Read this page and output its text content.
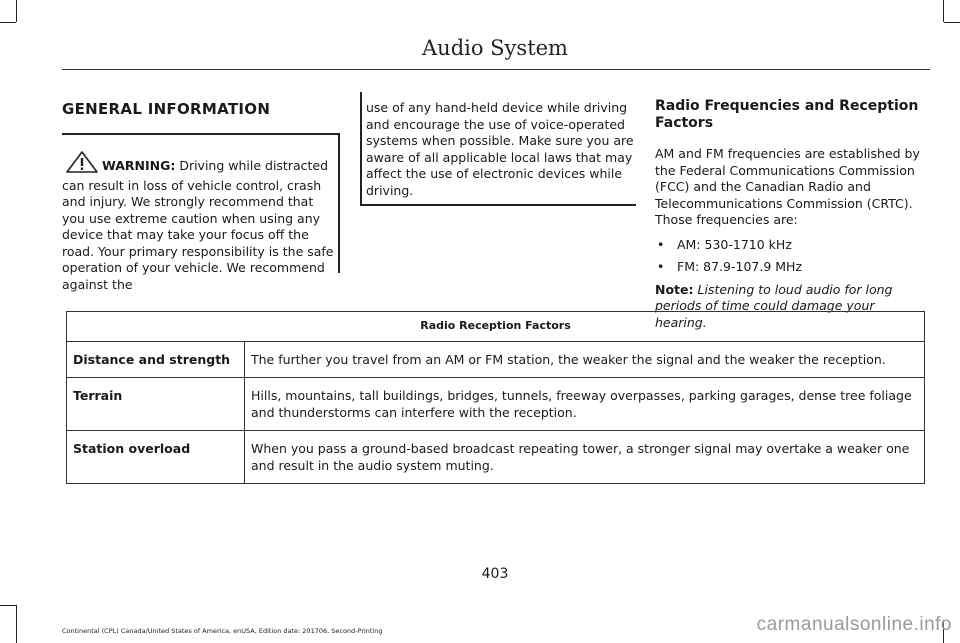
Audio System
GENERAL INFORMATION
WARNING: Driving while distracted can result in loss of vehicle control, crash and injury. We strongly recommend that you use extreme caution when using any device that may take your focus off the road. Your primary responsibility is the safe operation of your vehicle. We recommend against the
use of any hand-held device while driving and encourage the use of voice-operated systems when possible. Make sure you are aware of all applicable local laws that may affect the use of electronic devices while driving.
Radio Frequencies and Reception Factors
AM and FM frequencies are established by the Federal Communications Commission (FCC) and the Canadian Radio and Telecommunications Commission (CRTC). Those frequencies are:
• AM: 530-1710 kHz
• FM: 87.9-107.9 MHz
Note: Listening to loud audio for long periods of time could damage your hearing.
Radio Reception Factors
Distance and strength	The further you travel from an AM or FM station, the weaker the signal and the weaker the reception.
Terrain	Hills, mountains, tall buildings, bridges, tunnels, freeway overpasses, parking garages, dense tree foliage and thunderstorms can interfere with the reception.
Station overload	When you pass a ground-based broadcast repeating tower, a stronger signal may overtake a weaker one and result in the audio system muting.
403
Continental (CPL) Canada/United States of America, enUSA, Edition date: 201706, Second-Printing	carmanualsonline.info
